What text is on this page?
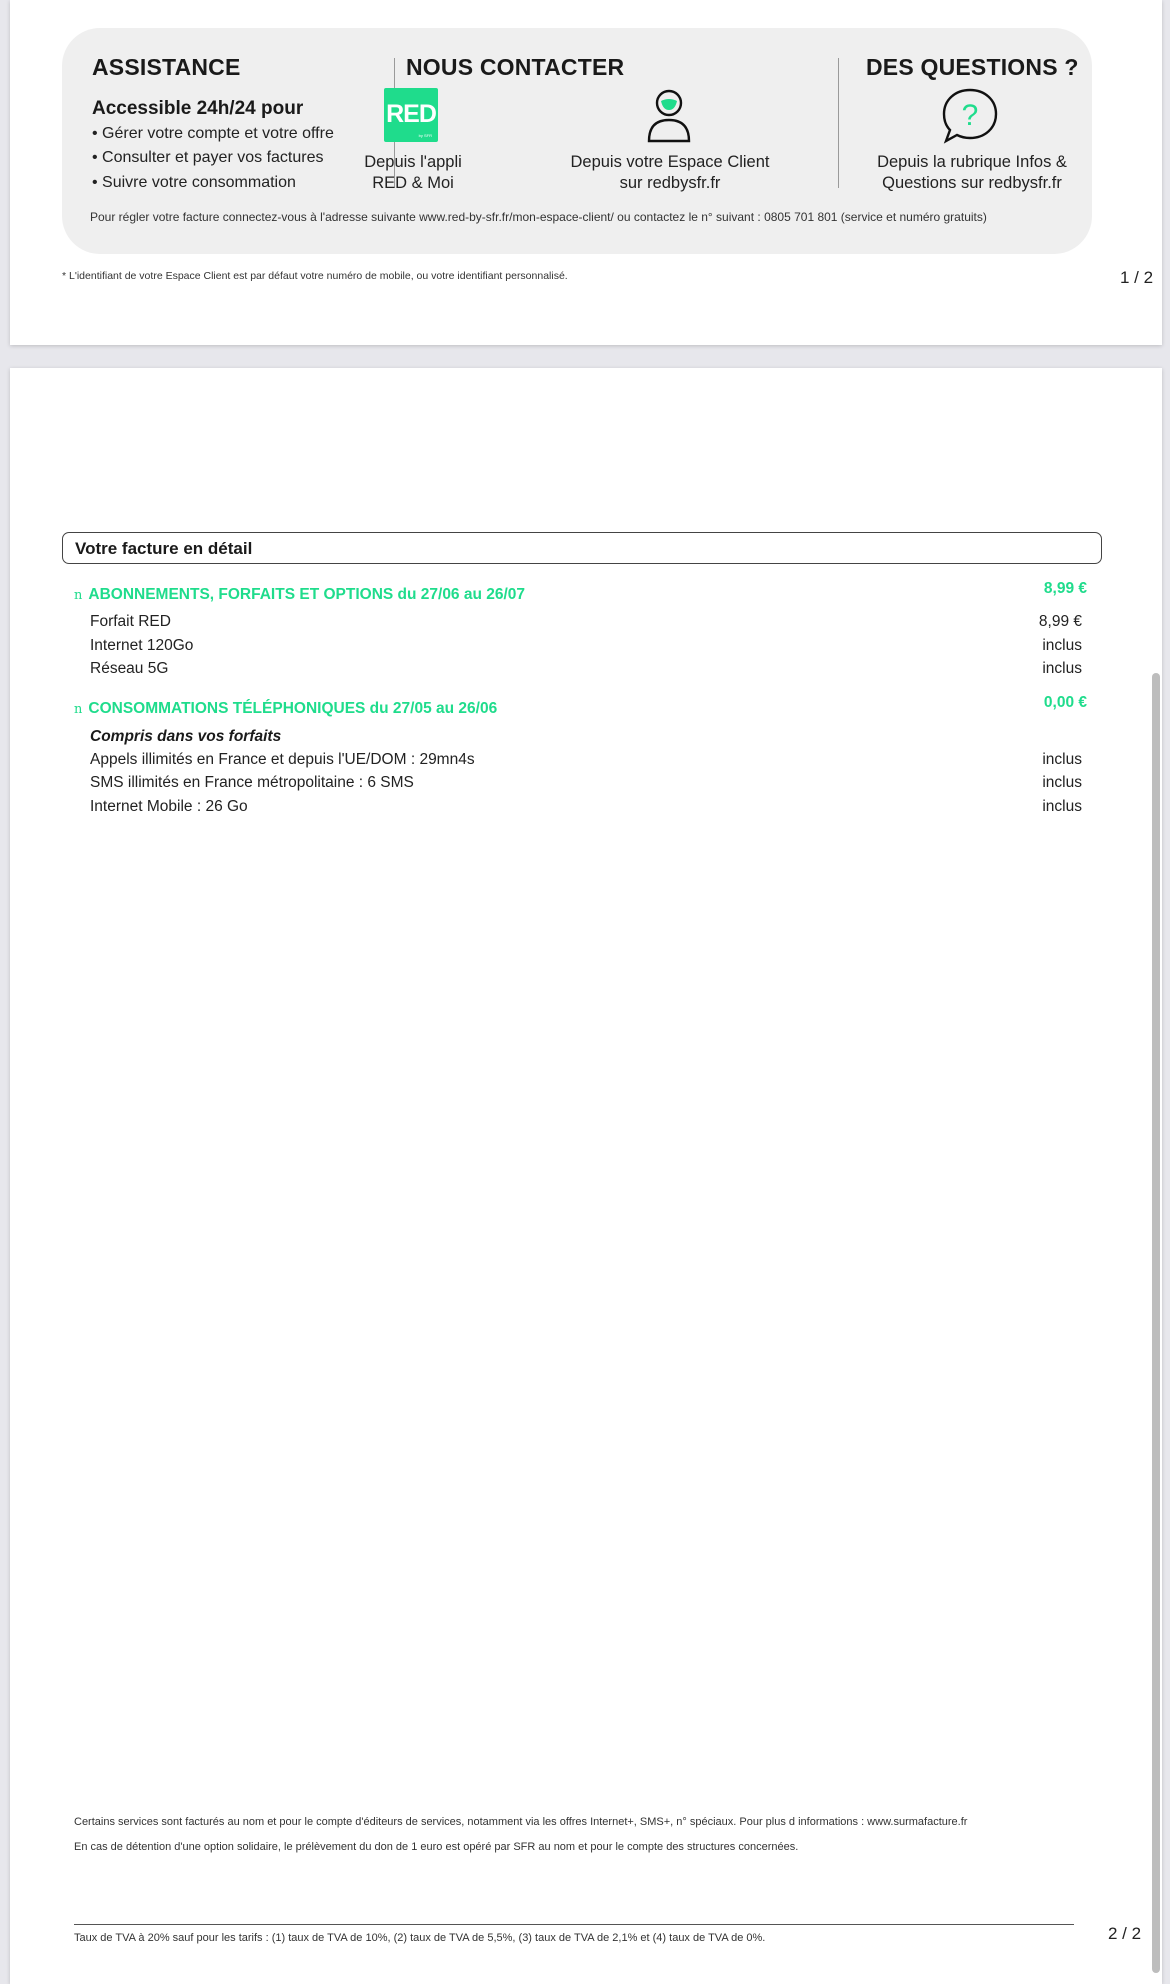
ASSISTANCE
Accessible 24h/24 pour
• Gérer votre compte et votre offre
• Consulter et payer vos factures
• Suivre votre consommation
NOUS CONTACTER
RED
by SFR
Depuis l'appli
RED & Moi
Depuis votre Espace Client
sur redbysfr.fr
DES QUESTIONS ?
?
Depuis la rubrique Infos &
Questions sur redbysfr.fr
Pour régler votre facture connectez-vous à l'adresse suivante www.red-by-sfr.fr/mon-espace-client/ ou contactez le n° suivant : 0805 701 801 (service et numéro gratuits)
* L'identifiant de votre Espace Client est par défaut votre numéro de mobile, ou votre identifiant personnalisé.	1 / 2
Votre facture en détail
n ABONNEMENTS, FORFAITS ET OPTIONS du 27/06 au 26/07	8,99 €
Forfait RED	8,99 €
Internet 120Go	inclus
Réseau 5G	inclus
n CONSOMMATIONS TÉLÉPHONIQUES du 27/05 au 26/06	0,00 €
Compris dans vos forfaits
Appels illimités en France et depuis l'UE/DOM : 29mn4s	inclus
SMS illimités en France métropolitaine : 6 SMS	inclus
Internet Mobile : 26 Go	inclus
Certains services sont facturés au nom et pour le compte d'éditeurs de services, notamment via les offres Internet+, SMS+, n° spéciaux. Pour plus d informations : www.surmafacture.fr
En cas de détention d'une option solidaire, le prélèvement du don de 1 euro est opéré par SFR au nom et pour le compte des structures concernées.
Taux de TVA à 20% sauf pour les tarifs : (1) taux de TVA de 10%, (2) taux de TVA de 5,5%, (3) taux de TVA de 2,1% et (4) taux de TVA de 0%.	2 / 2
